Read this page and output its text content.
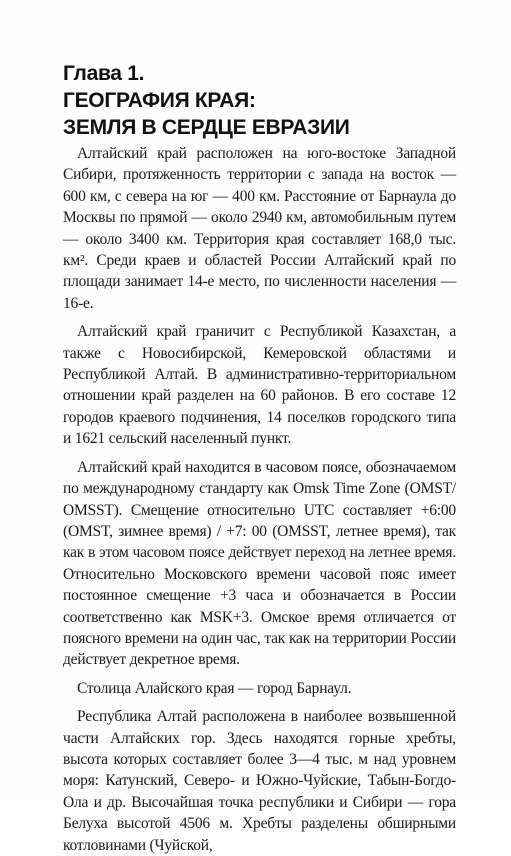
Глава 1.
ГЕОГРАФИЯ КРАЯ:
ЗЕМЛЯ В СЕРДЦЕ ЕВРАЗИИ

Алтайский край расположен на юго-востоке Западной Сибири, протяженность территории с запада на восток — 600 км, с севера на юг — 400 км. Расстояние от Барнаула до Москвы по прямой — около 2940 км, автомобильным путем — около 3400 км. Территория края составляет 168,0 тыс. км². Среди краев и областей России Алтайский край по площади занимает 14-е место, по численности населения — 16-е.

Алтайский край граничит с Республикой Казахстан, а также с Новосибирской, Кемеровской областями и Республикой Алтай. В административно-территориальном отношении край разделен на 60 районов. В его составе 12 городов краевого подчинения, 14 поселков городского типа и 1621 сельский населенный пункт.

Алтайский край находится в часовом поясе, обозначаемом по международному стандарту как Omsk Time Zone (OMST/ OMSST). Смещение относительно UTC составляет +6:00 (OMST, зимнее время) / +7: 00 (OMSST, летнее время), так как в этом часовом поясе действует переход на летнее время. Относительно Московского времени часовой пояс имеет постоянное смещение +3 часа и обозначается в России соответственно как MSK+3. Омское время отличается от поясного времени на один час, так как на территории России действует декретное время.

Столица Алайского края — город Барнаул.

Республика Алтай расположена в наиболее возвышенной части Алтайских гор. Здесь находятся горные хребты, высота которых составляет более 3—4 тыс. м над уровнем моря: Катунский, Северо- и Южно-Чуйские, Табын-Богдо-Ола и др. Высочайшая точка республики и Сибири — гора Белуха высотой 4506 м. Хребты разделены обширными котловинами (Чуйской,
